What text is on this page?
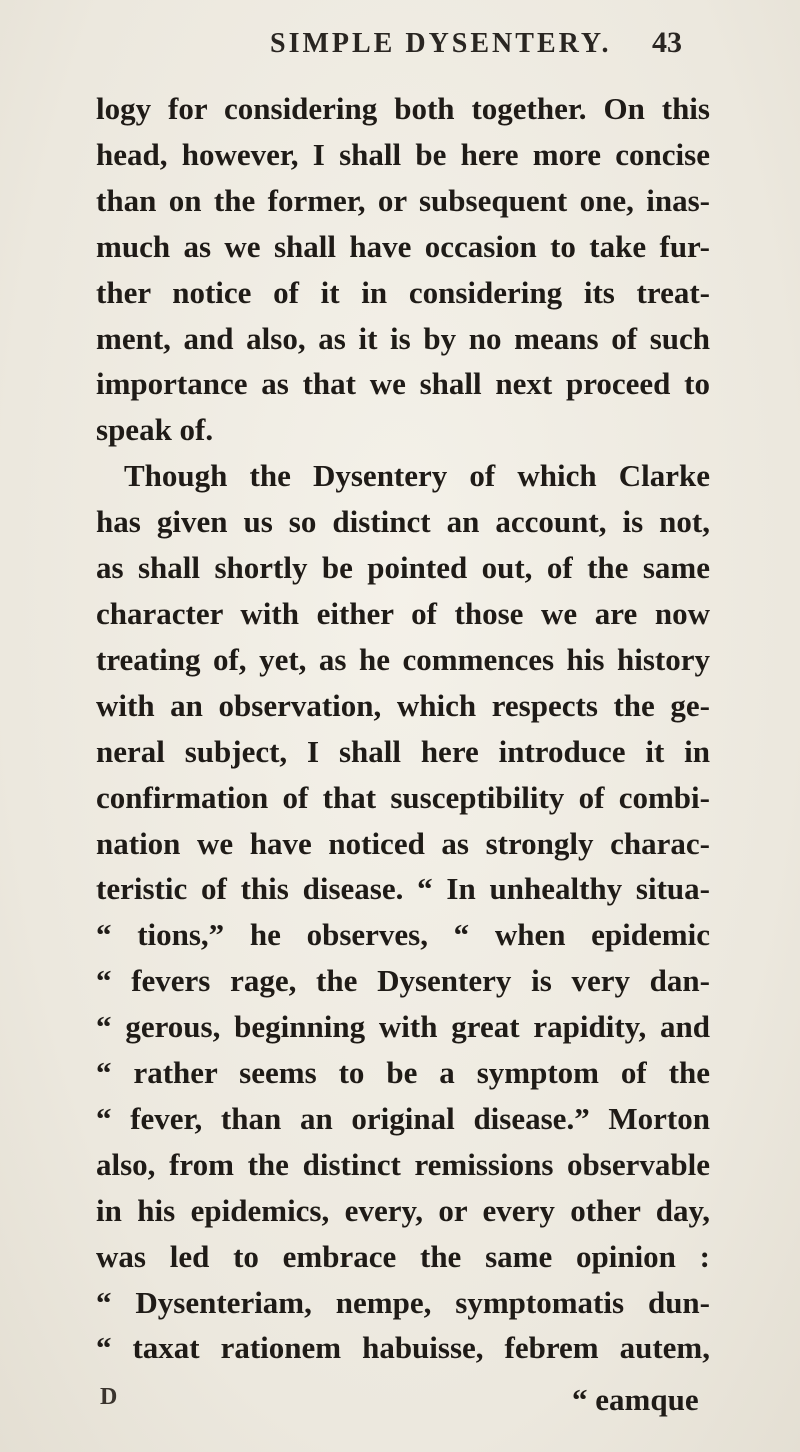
SIMPLE DYSENTERY. 43
logy for considering both together. On this
head, however, I shall be here more concise
than on the former, or subsequent one, inas-
much as we shall have occasion to take fur-
ther notice of it in considering its treat-
ment, and also, as it is by no means of such
importance as that we shall next proceed to
speak of.
Though the Dysentery of which Clarke
has given us so distinct an account, is not,
as shall shortly be pointed out, of the same
character with either of those we are now
treating of, yet, as he commences his history
with an observation, which respects the ge-
neral subject, I shall here introduce it in
confirmation of that susceptibility of combi-
nation we have noticed as strongly charac-
teristic of this disease. “ In unhealthy situa-
“ tions,” he observes, “ when epidemic
“ fevers rage, the Dysentery is very dan-
“ gerous, beginning with great rapidity, and
“ rather seems to be a symptom of the
“ fever, than an original disease.” Morton
also, from the distinct remissions observable
in his epidemics, every, or every other day,
was led to embrace the same opinion :
“ Dysenteriam, nempe, symptomatis dun-
“ taxat rationem habuisse, febrem autem,
D	“ eamque
